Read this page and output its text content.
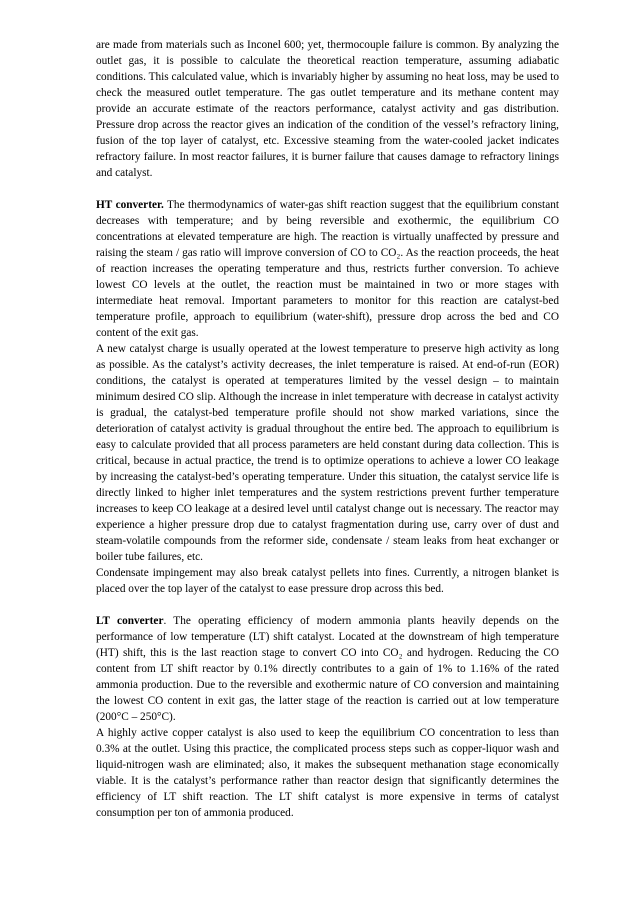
are made from materials such as Inconel 600; yet, thermocouple failure is common. By analyzing the outlet gas, it is possible to calculate the theoretical reaction temperature, assuming adiabatic conditions. This calculated value, which is invariably higher by assuming no heat loss, may be used to check the measured outlet temperature. The gas outlet temperature and its methane content may provide an accurate estimate of the reactors performance, catalyst activity and gas distribution. Pressure drop across the reactor gives an indication of the condition of the vessel’s refractory lining, fusion of the top layer of catalyst, etc. Excessive steaming from the water-cooled jacket indicates refractory failure. In most reactor failures, it is burner failure that causes damage to refractory linings and catalyst.

HT converter. The thermodynamics of water-gas shift reaction suggest that the equilibrium constant decreases with temperature; and by being reversible and exothermic, the equilibrium CO concentrations at elevated temperature are high. The reaction is virtually unaffected by pressure and raising the steam / gas ratio will improve conversion of CO to CO₂. As the reaction proceeds, the heat of reaction increases the operating temperature and thus, restricts further conversion. To achieve lowest CO levels at the outlet, the reaction must be maintained in two or more stages with intermediate heat removal. Important parameters to monitor for this reaction are catalyst-bed temperature profile, approach to equilibrium (water-shift), pressure drop across the bed and CO content of the exit gas.

A new catalyst charge is usually operated at the lowest temperature to preserve high activity as long as possible. As the catalyst’s activity decreases, the inlet temperature is raised. At end-of-run (EOR) conditions, the catalyst is operated at temperatures limited by the vessel design – to maintain minimum desired CO slip. Although the increase in inlet temperature with decrease in catalyst activity is gradual, the catalyst-bed temperature profile should not show marked variations, since the deterioration of catalyst activity is gradual throughout the entire bed. The approach to equilibrium is easy to calculate provided that all process parameters are held constant during data collection. This is critical, because in actual practice, the trend is to optimize operations to achieve a lower CO leakage by increasing the catalyst-bed’s operating temperature. Under this situation, the catalyst service life is directly linked to higher inlet temperatures and the system restrictions prevent further temperature increases to keep CO leakage at a desired level until catalyst change out is necessary. The reactor may experience a higher pressure drop due to catalyst fragmentation during use, carry over of dust and steam-volatile compounds from the reformer side, condensate / steam leaks from heat exchanger or boiler tube failures, etc.

Condensate impingement may also break catalyst pellets into fines. Currently, a nitrogen blanket is placed over the top layer of the catalyst to ease pressure drop across this bed.

LT converter. The operating efficiency of modern ammonia plants heavily depends on the performance of low temperature (LT) shift catalyst. Located at the downstream of high temperature (HT) shift, this is the last reaction stage to convert CO into CO₂ and hydrogen. Reducing the CO content from LT shift reactor by 0.1% directly contributes to a gain of 1% to 1.16% of the rated ammonia production. Due to the reversible and exothermic nature of CO conversion and maintaining the lowest CO content in exit gas, the latter stage of the reaction is carried out at low temperature (200°C – 250°C).

A highly active copper catalyst is also used to keep the equilibrium CO concentration to less than 0.3% at the outlet. Using this practice, the complicated process steps such as copper-liquor wash and liquid-nitrogen wash are eliminated; also, it makes the subsequent methanation stage economically viable. It is the catalyst’s performance rather than reactor design that significantly determines the efficiency of LT shift reaction. The LT shift catalyst is more expensive in terms of catalyst consumption per ton of ammonia produced.
